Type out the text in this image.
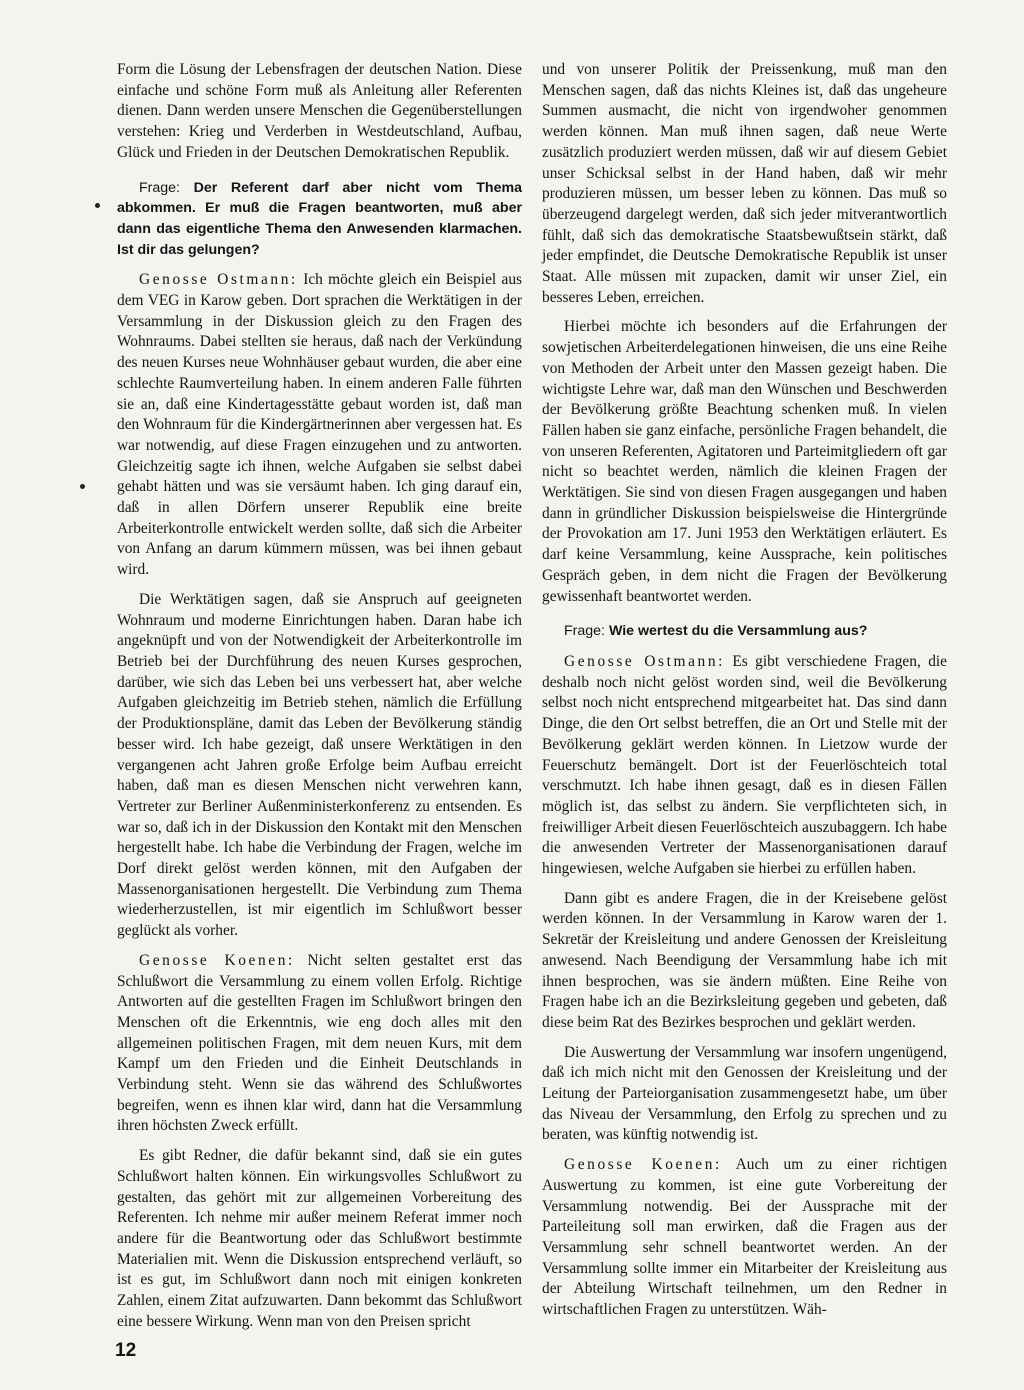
Form die Lösung der Lebensfragen der deutschen Nation. Diese einfache und schöne Form muß als Anleitung aller Referenten dienen. Dann werden unsere Menschen die Gegenüberstellungen verstehen: Krieg und Verderben in Westdeutschland, Aufbau, Glück und Frieden in der Deutschen Demokratischen Republik.

Frage: Der Referent darf aber nicht vom Thema abkommen. Er muß die Fragen beantworten, muß aber dann das eigentliche Thema den Anwesenden klarmachen. Ist dir das gelungen?

Genosse Ostmann: Ich möchte gleich ein Beispiel aus dem VEG in Karow geben. Dort sprachen die Werktätigen in der Versammlung in der Diskussion gleich zu den Fragen des Wohnraums. Dabei stellten sie heraus, daß nach der Verkündung des neuen Kurses neue Wohnhäuser gebaut wurden, die aber eine schlechte Raumverteilung haben. In einem anderen Falle führten sie an, daß eine Kindertagesstätte gebaut worden ist, daß man den Wohnraum für die Kindergärtnerinnen aber vergessen hat. Es war notwendig, auf diese Fragen einzugehen und zu antworten. Gleichzeitig sagte ich ihnen, welche Aufgaben sie selbst dabei gehabt hätten und was sie versäumt haben. Ich ging darauf ein, daß in allen Dörfern unserer Republik eine breite Arbeiterkontrolle entwickelt werden sollte, daß sich die Arbeiter von Anfang an darum kümmern müssen, was bei ihnen gebaut wird.

Die Werktätigen sagen, daß sie Anspruch auf geeigneten Wohnraum und moderne Einrichtungen haben. Daran habe ich angeknüpft und von der Notwendigkeit der Arbeiterkontrolle im Betrieb bei der Durchführung des neuen Kurses gesprochen, darüber, wie sich das Leben bei uns verbessert hat, aber welche Aufgaben gleichzeitig im Betrieb stehen, nämlich die Erfüllung der Produktionspläne, damit das Leben der Bevölkerung ständig besser wird. Ich habe gezeigt, daß unsere Werktätigen in den vergangenen acht Jahren große Erfolge beim Aufbau erreicht haben, daß man es diesen Menschen nicht verwehren kann, Vertreter zur Berliner Außenministerkonferenz zu entsenden. Es war so, daß ich in der Diskussion den Kontakt mit den Menschen hergestellt habe. Ich habe die Verbindung der Fragen, welche im Dorf direkt gelöst werden können, mit den Aufgaben der Massenorganisationen hergestellt. Die Verbindung zum Thema wiederherzustellen, ist mir eigentlich im Schlußwort besser geglückt als vorher.

Genosse Koenen: Nicht selten gestaltet erst das Schlußwort die Versammlung zu einem vollen Erfolg. Richtige Antworten auf die gestellten Fragen im Schlußwort bringen den Menschen oft die Erkenntnis, wie eng doch alles mit den allgemeinen politischen Fragen, mit dem neuen Kurs, mit dem Kampf um den Frieden und die Einheit Deutschlands in Verbindung steht. Wenn sie das während des Schlußwortes begreifen, wenn es ihnen klar wird, dann hat die Versammlung ihren höchsten Zweck erfüllt.

Es gibt Redner, die dafür bekannt sind, daß sie ein gutes Schlußwort halten können. Ein wirkungsvolles Schlußwort zu gestalten, das gehört mit zur allgemeinen Vorbereitung des Referenten. Ich nehme mir außer meinem Referat immer noch andere für die Beantwortung oder das Schlußwort bestimmte Materialien mit. Wenn die Diskussion entsprechend verläuft, so ist es gut, im Schlußwort dann noch mit einigen konkreten Zahlen, einem Zitat aufzuwarten. Dann bekommt das Schlußwort eine bessere Wirkung. Wenn man von den Preisen spricht

und von unserer Politik der Preissenkung, muß man den Menschen sagen, daß das nichts Kleines ist, daß das ungeheure Summen ausmacht, die nicht von irgendwoher genommen werden können. Man muß ihnen sagen, daß neue Werte zusätzlich produziert werden müssen, daß wir auf diesem Gebiet unser Schicksal selbst in der Hand haben, daß wir mehr produzieren müssen, um besser leben zu können. Das muß so überzeugend dargelegt werden, daß sich jeder mitverantwortlich fühlt, daß sich das demokratische Staatsbewußtsein stärkt, daß jeder empfindet, die Deutsche Demokratische Republik ist unser Staat. Alle müssen mit zupacken, damit wir unser Ziel, ein besseres Leben, erreichen.

Hierbei möchte ich besonders auf die Erfahrungen der sowjetischen Arbeiterdelegationen hinweisen, die uns eine Reihe von Methoden der Arbeit unter den Massen gezeigt haben. Die wichtigste Lehre war, daß man den Wünschen und Beschwerden der Bevölkerung größte Beachtung schenken muß. In vielen Fällen haben sie ganz einfache, persönliche Fragen behandelt, die von unseren Referenten, Agitatoren und Parteimitgliedern oft gar nicht so beachtet werden, nämlich die kleinen Fragen der Werktätigen. Sie sind von diesen Fragen ausgegangen und haben dann in gründlicher Diskussion beispielsweise die Hintergründe der Provokation am 17. Juni 1953 den Werktätigen erläutert. Es darf keine Versammlung, keine Aussprache, kein politisches Gespräch geben, in dem nicht die Fragen der Bevölkerung gewissenhaft beantwortet werden.

Frage: Wie wertest du die Versammlung aus?

Genosse Ostmann: Es gibt verschiedene Fragen, die deshalb noch nicht gelöst worden sind, weil die Bevölkerung selbst noch nicht entsprechend mitgearbeitet hat. Das sind dann Dinge, die den Ort selbst betreffen, die an Ort und Stelle mit der Bevölkerung geklärt werden können. In Lietzow wurde der Feuerschutz bemängelt. Dort ist der Feuerlöschteich total verschmutzt. Ich habe ihnen gesagt, daß es in diesen Fällen möglich ist, das selbst zu ändern. Sie verpflichteten sich, in freiwilliger Arbeit diesen Feuerlöschteich auszubaggern. Ich habe die anwesenden Vertreter der Massenorganisationen darauf hingewiesen, welche Aufgaben sie hierbei zu erfüllen haben.

Dann gibt es andere Fragen, die in der Kreisebene gelöst werden können. In der Versammlung in Karow waren der 1. Sekretär der Kreisleitung und andere Genossen der Kreisleitung anwesend. Nach Beendigung der Versammlung habe ich mit ihnen besprochen, was sie ändern müßten. Eine Reihe von Fragen habe ich an die Bezirksleitung gegeben und gebeten, daß diese beim Rat des Bezirkes besprochen und geklärt werden.

Die Auswertung der Versammlung war insofern ungenügend, daß ich mich nicht mit den Genossen der Kreisleitung und der Leitung der Parteiorganisation zusammengesetzt habe, um über das Niveau der Versammlung, den Erfolg zu sprechen und zu beraten, was künftig notwendig ist.

Genosse Koenen: Auch um zu einer richtigen Auswertung zu kommen, ist eine gute Vorbereitung der Versammlung notwendig. Bei der Aussprache mit der Parteileitung soll man erwirken, daß die Fragen aus der Versammlung sehr schnell beantwortet werden. An der Versammlung sollte immer ein Mitarbeiter der Kreisleitung aus der Abteilung Wirtschaft teilnehmen, um den Redner in wirtschaftlichen Fragen zu unterstützen. Wäh-

12
